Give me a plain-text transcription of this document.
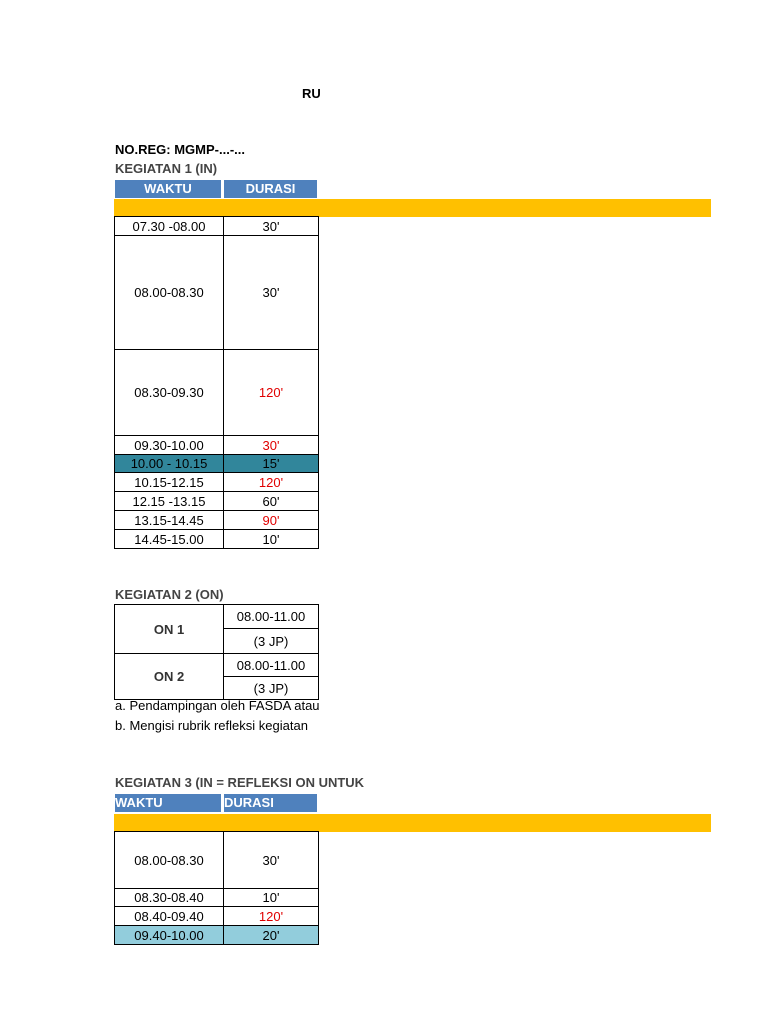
RU
NO.REG: MGMP-...-...
KEGIATAN 1 (IN)
WAKTU	DURASI
07.30 -08.00	30'
08.00-08.30	30'
08.30-09.30	120'
09.30-10.00	30'
10.00 - 10.15	15'
10.15-12.15	120'
12.15 -13.15	60'
13.15-14.45	90'
14.45-15.00	10'
KEGIATAN 2 (ON)
ON 1
08.00-11.00
(3 JP)
ON 2
08.00-11.00
(3 JP)
a. Pendampingan oleh FASDA atau
b. Mengisi rubrik refleksi kegiatan
KEGIATAN 3 (IN = REFLEKSI ON UNTUK
WAKTU	DURASI
08.00-08.30	30'
08.30-08.40	10'
08.40-09.40	120'
09.40-10.00	20'
